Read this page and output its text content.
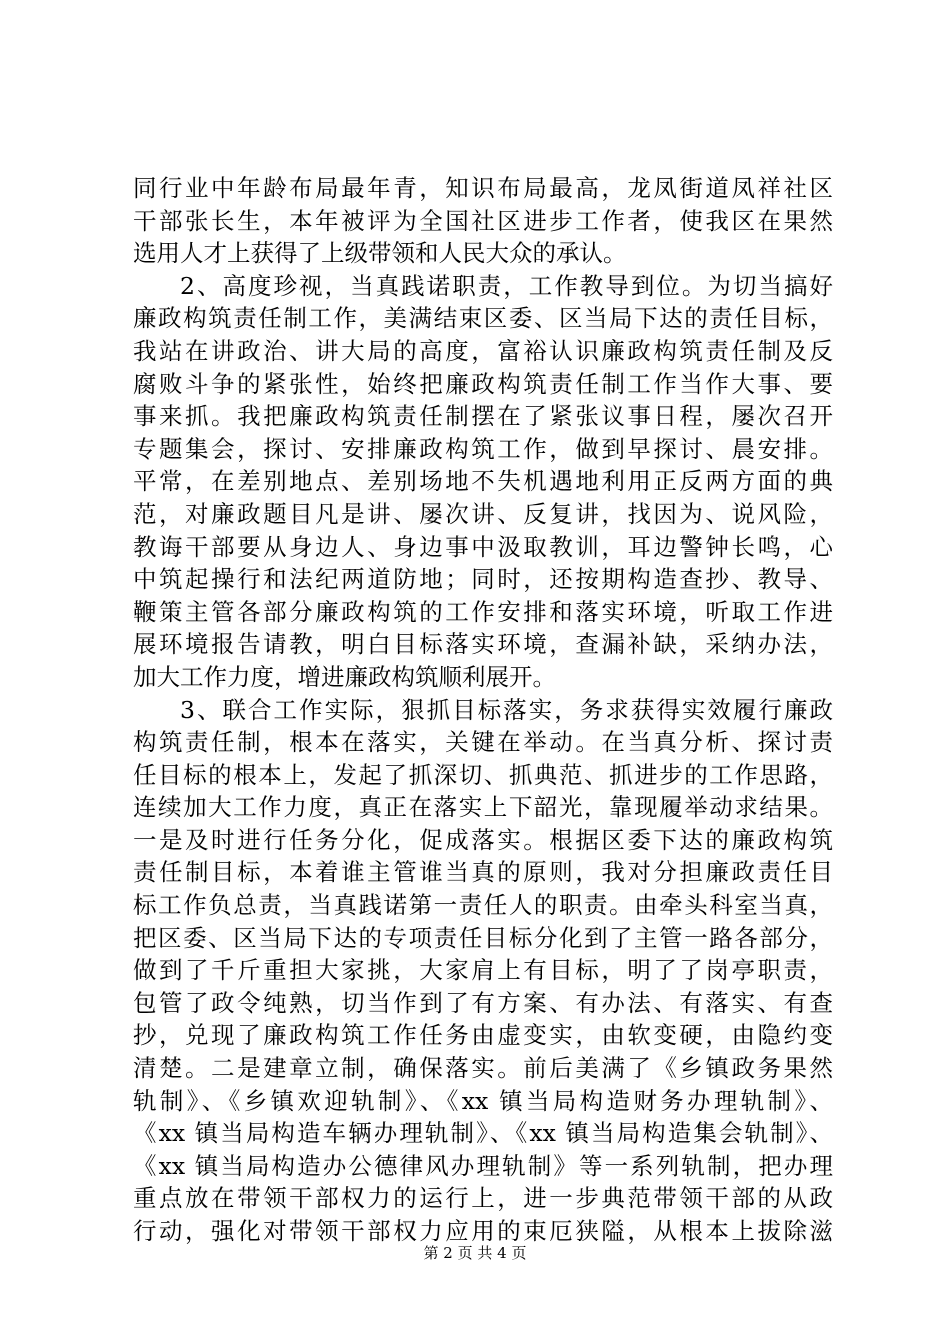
同行业中年龄布局最年青，知识布局最高，龙凤街道凤祥社区
干部张长生，本年被评为全国社区进步工作者，使我区在果然
选用人才上获得了上级带领和人民大众的承认。
2、高度珍视，当真践诺职责，工作教导到位。为切当搞好
廉政构筑责任制工作，美满结束区委、区当局下达的责任目标，
我站在讲政治、讲大局的高度，富裕认识廉政构筑责任制及反
腐败斗争的紧张性，始终把廉政构筑责任制工作当作大事、要
事来抓。我把廉政构筑责任制摆在了紧张议事日程，屡次召开
专题集会，探讨、安排廉政构筑工作，做到早探讨、晨安排。
平常，在差别地点、差别场地不失机遇地利用正反两方面的典
范，对廉政题目凡是讲、屡次讲、反复讲，找因为、说风险，
教诲干部要从身边人、身边事中汲取教训，耳边警钟长鸣，心
中筑起操行和法纪两道防地；同时，还按期构造查抄、教导、
鞭策主管各部分廉政构筑的工作安排和落实环境，听取工作进
展环境报告请教，明白目标落实环境，查漏补缺，采纳办法，
加大工作力度，增进廉政构筑顺利展开。
3、联合工作实际，狠抓目标落实，务求获得实效履行廉政
构筑责任制，根本在落实，关键在举动。在当真分析、探讨责
任目标的根本上，发起了抓深切、抓典范、抓进步的工作思路，
连续加大工作力度，真正在落实上下韶光，靠现履举动求结果。
一是及时进行任务分化，促成落实。根据区委下达的廉政构筑
责任制目标，本着谁主管谁当真的原则，我对分担廉政责任目
标工作负总责，当真践诺第一责任人的职责。由牵头科室当真，
把区委、区当局下达的专项责任目标分化到了主管一路各部分，
做到了千斤重担大家挑，大家肩上有目标，明了了岗亭职责，
包管了政令纯熟，切当作到了有方案、有办法、有落实、有查
抄，兑现了廉政构筑工作任务由虚变实，由软变硬，由隐约变
清楚。二是建章立制，确保落实。前后美满了《乡镇政务果然
轨制》、《乡镇欢迎轨制》、《xx 镇当局构造财务办理轨制》、
《xx 镇当局构造车辆办理轨制》、《xx 镇当局构造集会轨制》、
《xx 镇当局构造办公德律风办理轨制》等一系列轨制，把办理
重点放在带领干部权力的运行上，进一步典范带领干部的从政
行动，强化对带领干部权力应用的束厄狭隘，从根本上拔除滋
第 2 页 共 4 页
